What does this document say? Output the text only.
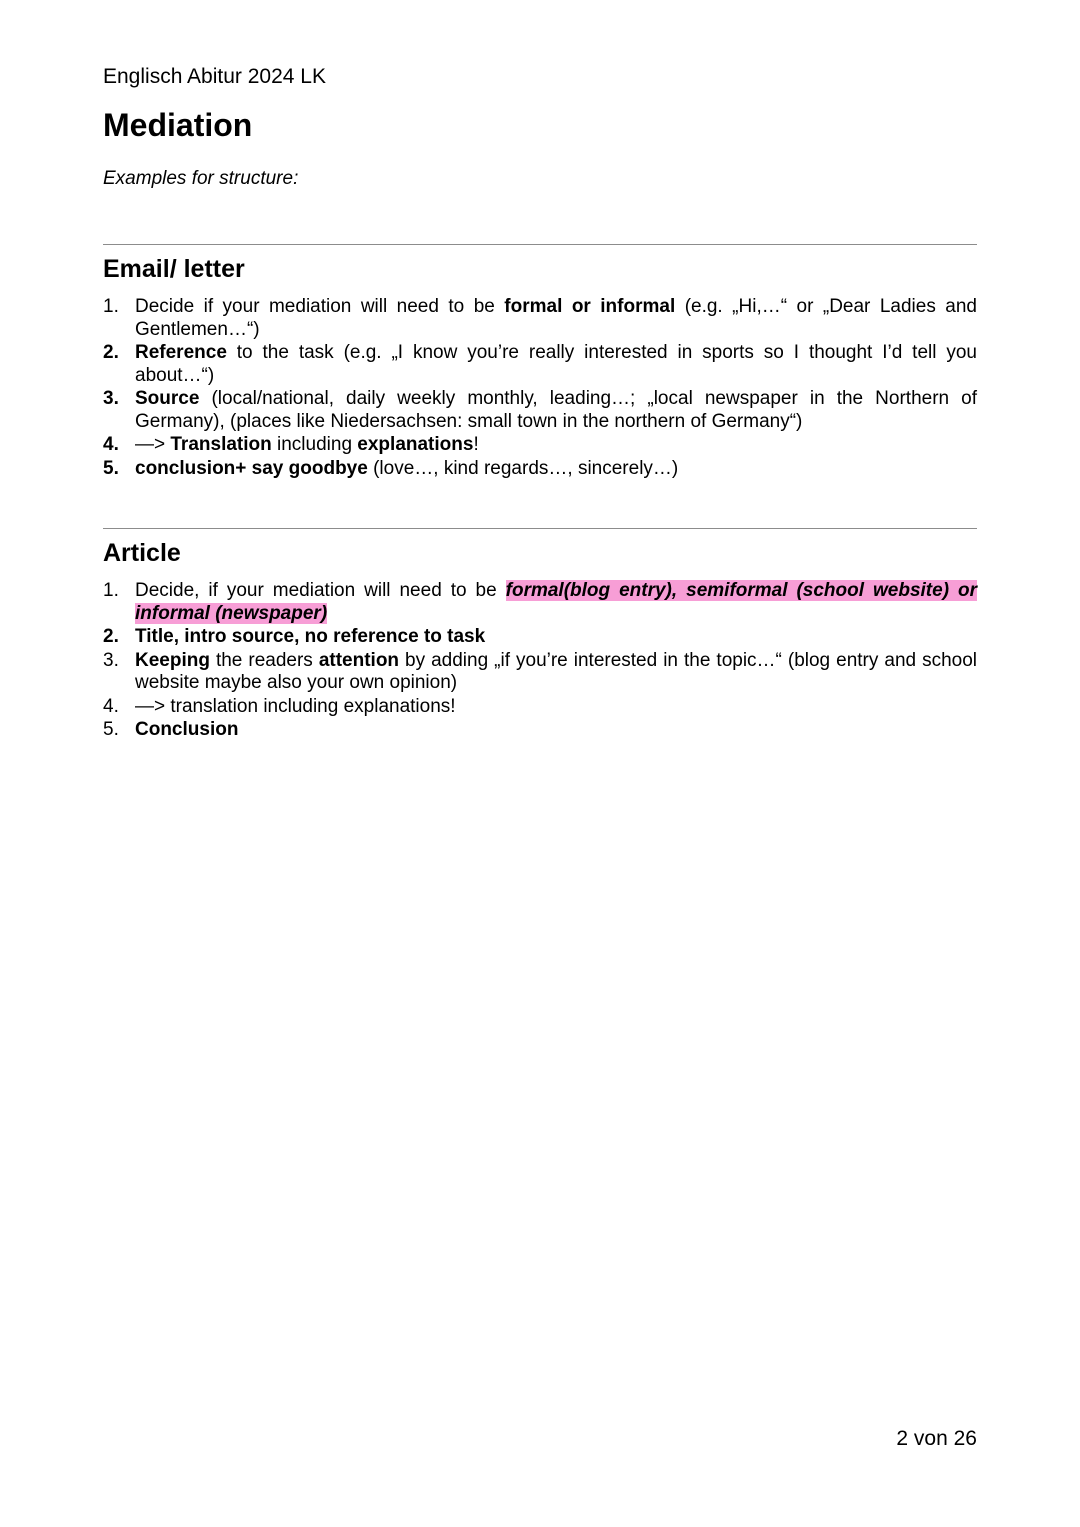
Englisch Abitur 2024 LK
Mediation
Examples for structure:
Email/ letter
1. Decide if your mediation will need to be formal or informal (e.g. „Hi,…“ or „Dear Ladies and Gentlemen…“)
2. Reference to the task (e.g. „I know you’re really interested in sports so I thought I’d tell you about…“)
3. Source (local/national, daily weekly monthly, leading…; „local newspaper in the Northern of Germany), (places like Niedersachsen: small town in the northern of Germany“)
4. —> Translation including explanations!
5. conclusion+ say goodbye (love…, kind regards…, sincerely…)
Article
1. Decide, if your mediation will need to be formal(blog entry), semiformal (school website) or informal (newspaper)
2. Title, intro source, no reference to task
3. Keeping the readers attention by adding „if you’re interested in the topic…“ (blog entry and school website maybe also your own opinion)
4. —> translation including explanations!
5. Conclusion
2 von 26
